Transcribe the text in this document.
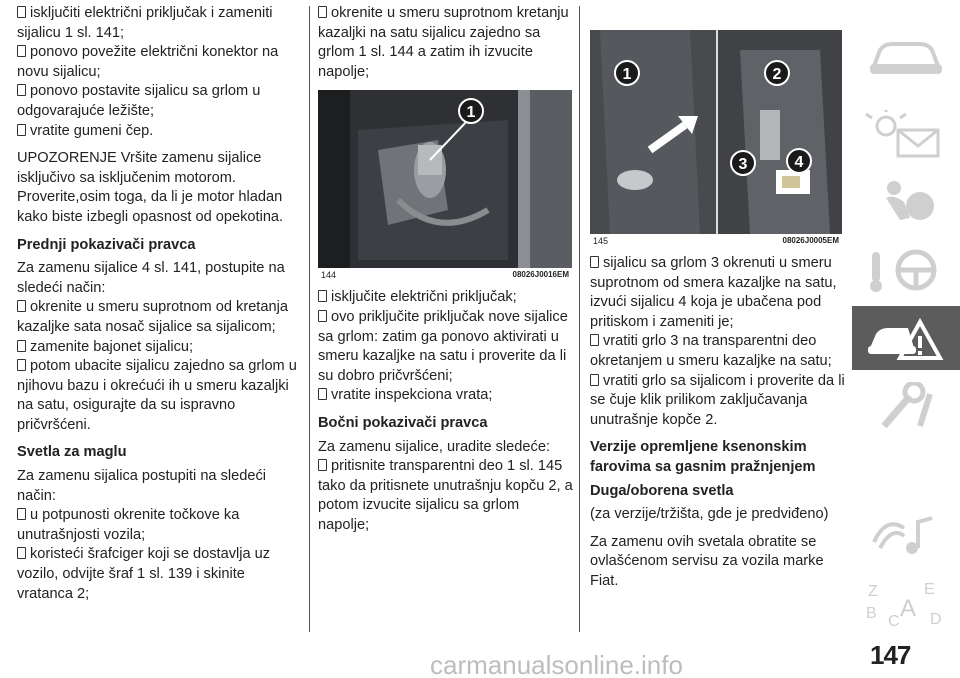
isključiti električni priključak i zameniti sijalicu 1 sl. 141;

ponovo povežite električni konektor na novu sijalicu;

ponovo postavite sijalicu sa grlom u odgovarajuće ležište;

vratite gumeni čep.

UPOZORENJE Vršite zamenu sijalice isključivo sa isključenim motorom. Proverite,osim toga, da li je motor hladan kako biste izbegli opasnost od opekotina.

Prednji pokazivači pravca

Za zamenu sijalice 4 sl. 141, postupite na sledeći način:

okrenite u smeru suprotnom od kretanja kazaljke sata nosač sijalice sa sijalicom;

zamenite bajonet sijalicu;

potom ubacite sijalicu zajedno sa grlom u njihovu bazu i okrećući ih u smeru kazaljki na satu, osigurajte da su ispravno pričvršćeni.

Svetla za maglu

Za zamenu sijalica postupiti na sledeći način:

u potpunosti okrenite točkove ka unutrašnjosti vozila;

koristeći šrafciger koji se dostavlja uz vozilo, odvijte šraf 1 sl. 139 i skinite vratanca 2;

okrenite u smeru suprotnom kretanju kazaljki na satu sijalicu zajedno sa grlom 1 sl. 144 a zatim ih izvucite napolje;

1
144	08026J0016EM

isključite električni priključak;

ovo priključite priključak nove sijalice sa grlom: zatim ga ponovo aktivirati u smeru kazaljke na satu i proverite da li su dobro pričvršćeni;

vratite inspekciona vrata;

Bočni pokazivači pravca

Za zamenu sijalice, uradite sledeće:

pritisnite transparentni deo 1 sl. 145 tako da pritisnete unutrašnju kopču 2, a potom izvucite sijalicu sa grlom napolje;

1	2
3	4
145	08026J0005EM

sijalicu sa grlom 3 okrenuti u smeru suprotnom od smera kazaljke na satu, izvući sijalicu 4 koja je ubačena pod pritiskom i zameniti je;

vratiti grlo 3 na transparentni deo okretanjem u smeru kazaljke na satu;

vratiti grlo sa sijalicom i proverite da li se čuje klik prilikom zaključavanja unutrašnje kopče 2.

Verzije opremljene ksenonskim farovima sa gasnim pražnjenjem

Duga/oborena svetla

(za verzije/tržišta, gde je predviđeno)

Za zamenu ovih svetala obratite se ovlašćenom servisu za vozila marke Fiat.

Z	E
B C A D
147
carmanualsonline.info
